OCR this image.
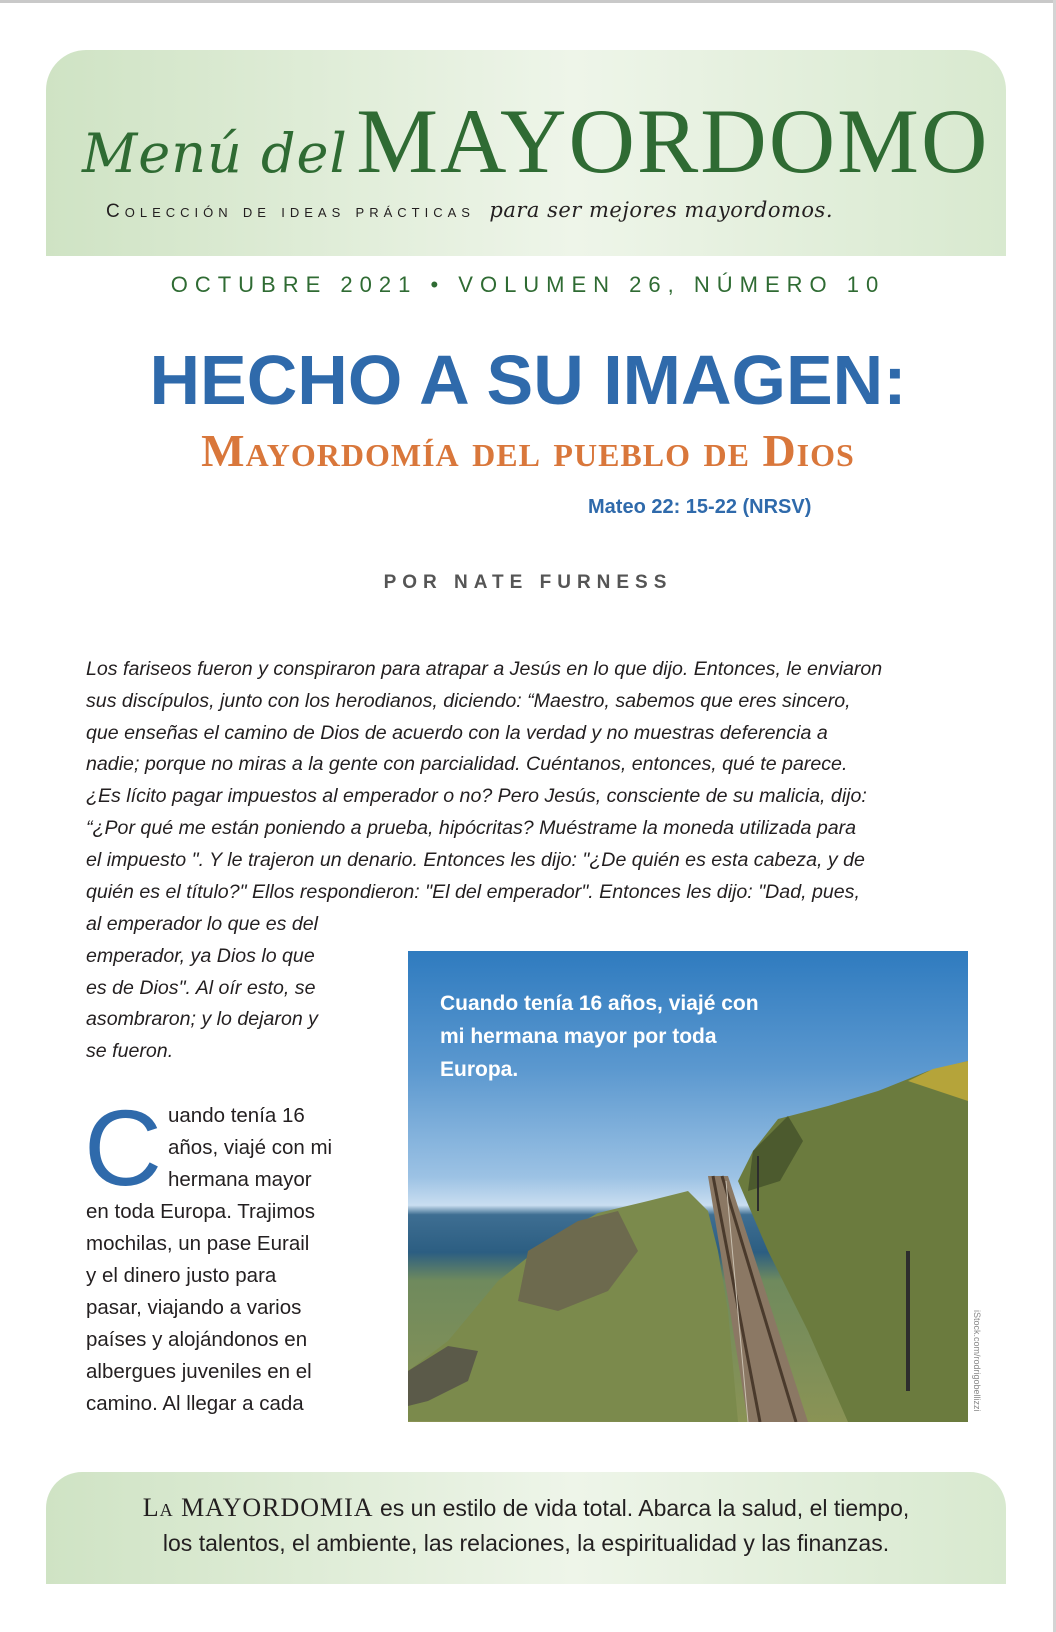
Menú del MAYORDOMO
Colección de ideas prácticas para ser mejores mayordomos.
OCTUBRE 2021 • VOLUMEN 26, NÚMERO 10
HECHO A SU IMAGEN:
Mayordomía del pueblo de Dios
Mateo 22: 15-22 (NRSV)
POR NATE FURNESS
Los fariseos fueron y conspiraron para atrapar a Jesús en lo que dijo. Entonces, le enviaron
sus discípulos, junto con los herodianos, diciendo: “Maestro, sabemos que eres sincero,
que enseñas el camino de Dios de acuerdo con la verdad y no muestras deferencia a
nadie; porque no miras a la gente con parcialidad. Cuéntanos, entonces, qué te parece.
¿Es lícito pagar impuestos al emperador o no? Pero Jesús, consciente de su malicia, dijo:
“¿Por qué me están poniendo a prueba, hipócritas? Muéstrame la moneda utilizada para
el impuesto ". Y le trajeron un denario. Entonces les dijo: "¿De quién es esta cabeza, y de
quién es el título?" Ellos respondieron: "El del emperador". Entonces les dijo: "Dad, pues,
al emperador lo que es del
emperador, ya Dios lo que
es de Dios". Al oír esto, se
asombraron; y lo dejaron y
se fueron.
C uando tenía 16
años, viajé con mi
hermana mayor
en toda Europa. Trajimos
mochilas, un pase Eurail
y el dinero justo para
pasar, viajando a varios
países y alojándonos en
albergues juveniles en el
camino. Al llegar a cada
Cuando tenía 16 años, viajé con mi hermana mayor por toda Europa.
iStock.com/rodrigobellizzi
La MAYORDOMIA es un estilo de vida total. Abarca la salud, el tiempo,
los talentos, el ambiente, las relaciones, la espiritualidad y las finanzas.
